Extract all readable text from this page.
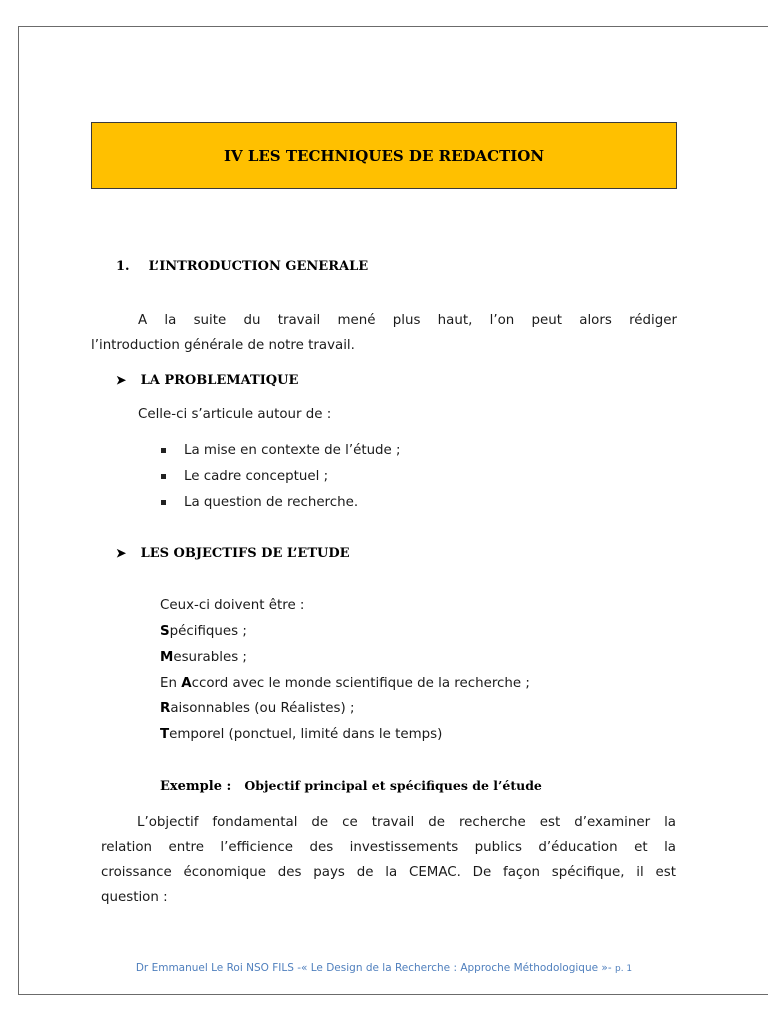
IV LES TECHNIQUES DE REDACTION
1. L’INTRODUCTION GENERALE
A la suite du travail mené plus haut, l’on peut alors rédiger
l’introduction générale de notre travail.
➤ LA PROBLEMATIQUE
Celle-ci s’articule autour de :
La mise en contexte de l’étude ;
Le cadre conceptuel ;
La question de recherche.
➤ LES OBJECTIFS DE L’ETUDE
Ceux-ci doivent être :
Spécifiques ;
Mesurables ;
En Accord avec le monde scientifique de la recherche ;
Raisonnables (ou Réalistes) ;
Temporel (ponctuel, limité dans le temps)
Exemple : Objectif principal et spécifiques de l’étude
L’objectif fondamental de ce travail de recherche est d’examiner la
relation entre l’efficience des investissements publics d’éducation et la
croissance économique des pays de la CEMAC. De façon spécifique, il est
question :
Dr Emmanuel Le Roi NSO FILS -« Le Design de la Recherche : Approche Méthodologique »- p. 1
